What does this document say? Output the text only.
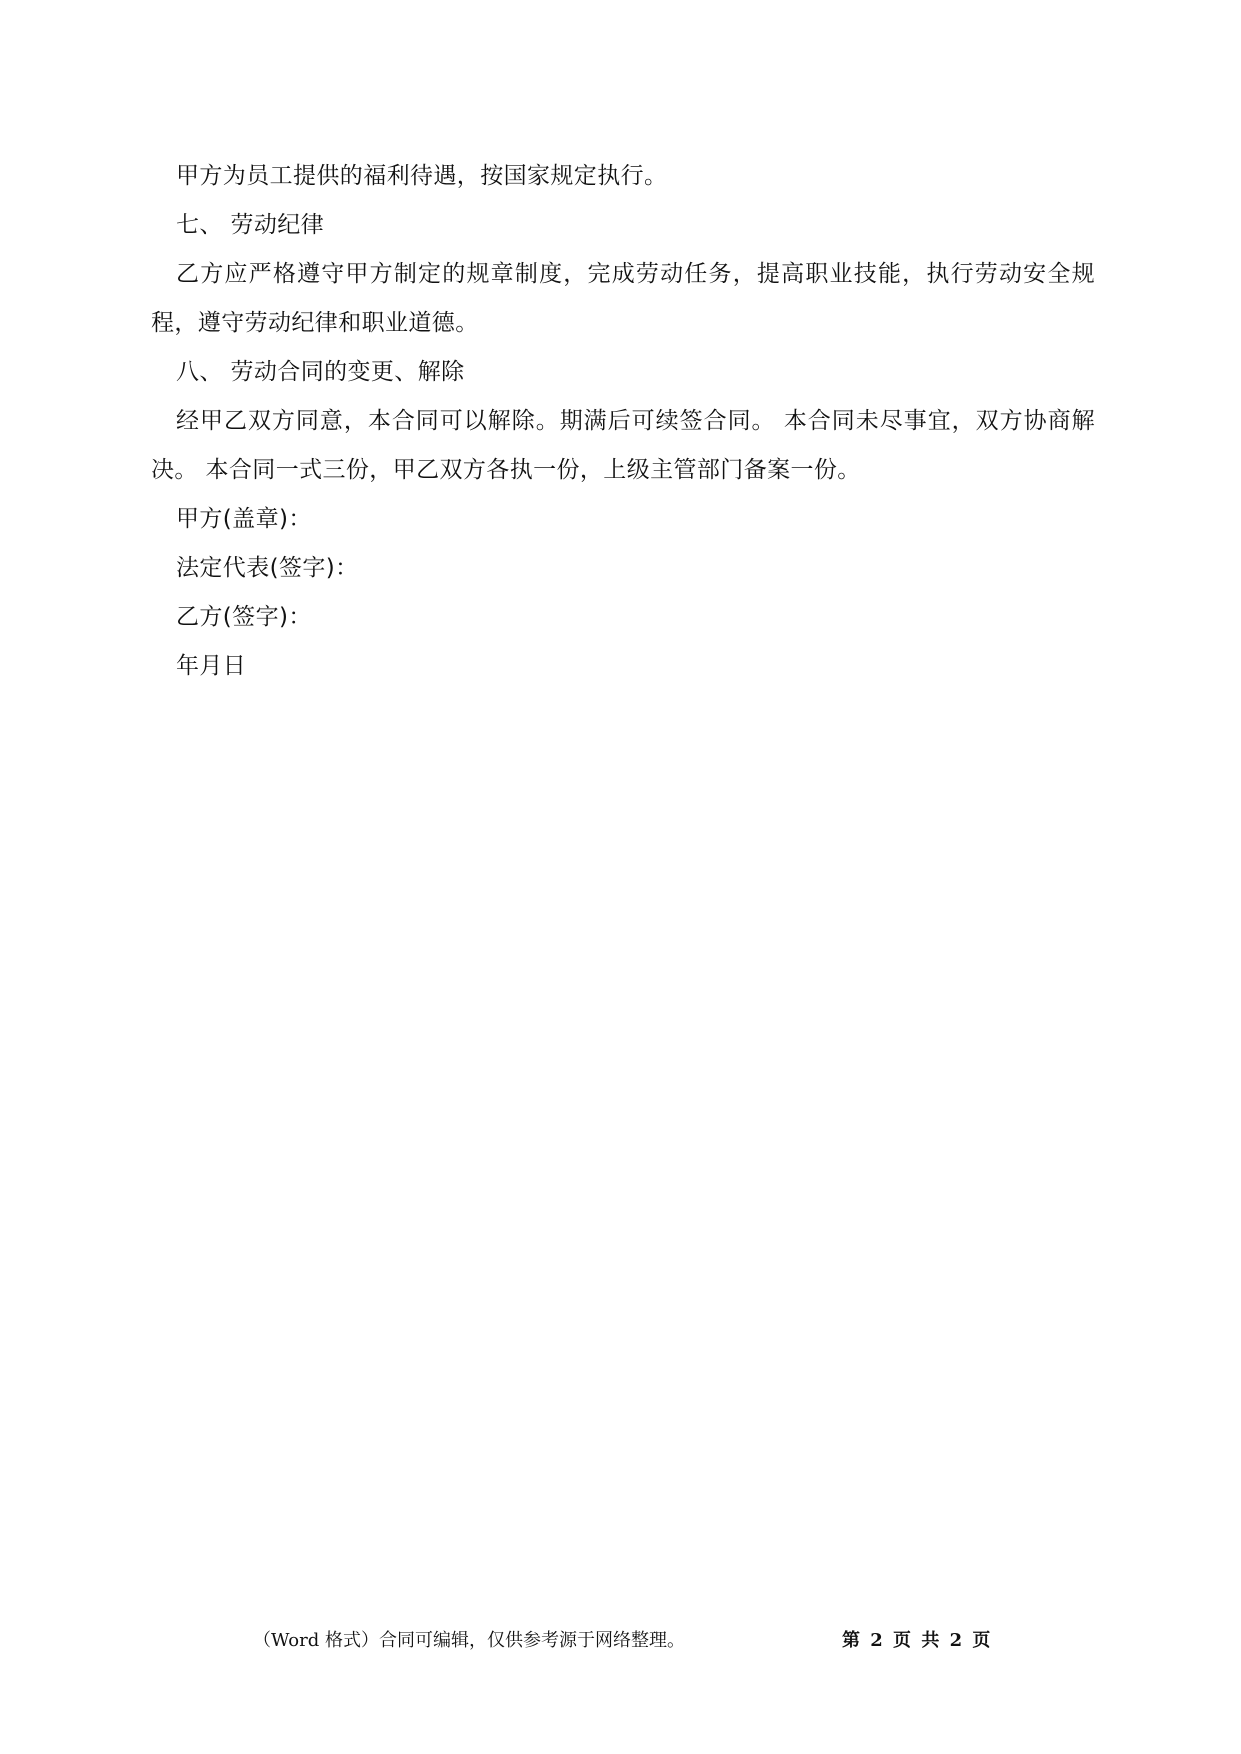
甲方为员工提供的福利待遇，按国家规定执行。

七、 劳动纪律

乙方应严格遵守甲方制定的规章制度，完成劳动任务，提高职业技能，执行劳动安全规程，遵守劳动纪律和职业道德。

八、 劳动合同的变更、解除

经甲乙双方同意，本合同可以解除。期满后可续签合同。 本合同未尽事宜，双方协商解决。 本合同一式三份，甲乙双方各执一份，上级主管部门备案一份。

甲方(盖章)：

法定代表(签字)：

乙方(签字)：

年月日

（Word 格式）合同可编辑，仅供参考源于网络整理。	第 2 页 共 2 页
